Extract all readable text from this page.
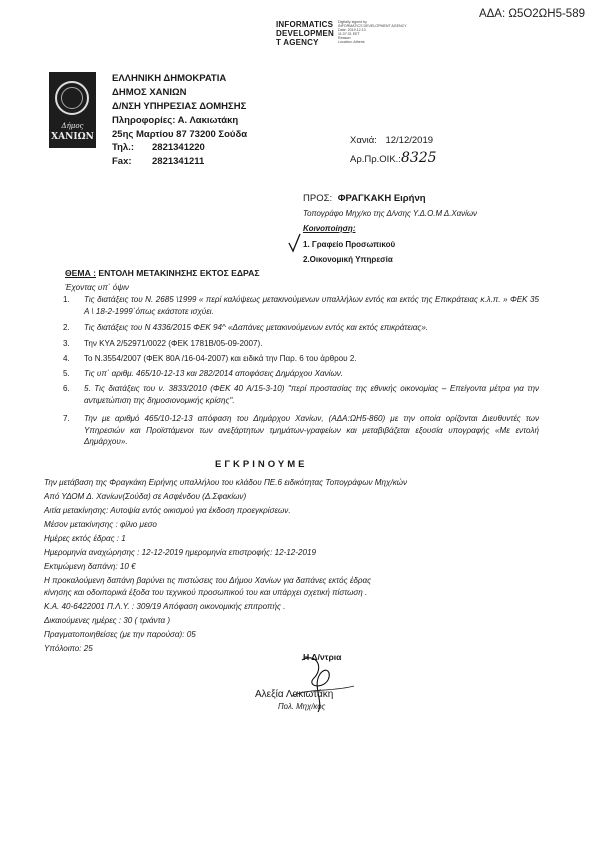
ΑΔΑ: Ω5Ο2ΩΗ5-589
INFORMATICS
DEVELOPMEN
T AGENCY
Digitally signed by
INFORMATICS DEVELOPMENT AGENCY
Date: 2019.12.13
11:07:31 EET
Reason:
Location: Athens
Δήμος
ΧΑΝΙΩΝ
ΕΛΛΗΝΙΚΗ ΔΗΜΟΚΡΑΤΙΑ
ΔΗΜΟΣ ΧΑΝΙΩΝ
Δ/ΝΣΗ ΥΠΗΡΕΣΙΑΣ ΔΟΜΗΣΗΣ
Πληροφορίες: Α. Λακιωτάκη
25ης Μαρτίου 87 73200 Σούδα
Τηλ.: 2821341220
Fax: 2821341211
Χανιά: 12/12/2019
Αρ.Πρ.ΟΙΚ.:8325
ΠΡΟΣ: ΦΡΑΓΚΑΚΗ Ειρήνη
Τοπογράφο Μηχ/κο της Δ/νσης Υ.Δ.Ο.Μ Δ.Χανίων
Κοινοποίηση:
1. Γραφείο Προσωπικού
2.Οικονομική Υπηρεσία
ΘΕΜΑ : ΕΝΤΟΛΗ ΜΕΤΑΚΙΝΗΣΗΣ ΕΚΤΟΣ ΕΔΡΑΣ
Έχοντας υπ΄ όψιν
1. Τις διατάξεις του Ν. 2685 \1999 « περί καλύψεως μετακινούμενων υπαλλήλων εντός και εκτός της Επικράτειας κ.λ.π. » ΦΕΚ 35 Α \ 18-2-1999΄όπως εκάστοτε ισχύει.
2. Τις διατάξεις του Ν 4336/2015 ΦΕΚ 94^ «Δαπάνες μετακινούμενων εντός και εκτός επικράτειας».
3. Την ΚΥΑ 2/52971/0022 (ΦΕΚ 1781Β/05-09-2007).
4. Το Ν.3554/2007 (ΦΕΚ 80Α /16-04-2007) και ειδικά την Παρ. 6 του άρθρου 2.
5. Τις υπ΄ αριθμ. 465/10-12-13 και 282/2014 αποφάσεις Δημάρχου Χανίων.
6. 5. Τις διατάξεις του ν. 3833/2010 (ΦΕΚ 40 Α/15-3-10) "περί προστασίας της εθνικής οικονομίας – Επείγοντα μέτρα για την αντιμετώπιση της δημοσιονομικής κρίσης".
7. Την με αριθμό 465/10-12-13 απόφαση του Δημάρχου Χανίων, (ΑΔΑ:ΩΗ5-860) με την οποία ορίζονται Διευθυντές των Υπηρεσιών και Προϊστάμενοι των ανεξάρτητων τμημάτων-γραφείων και μεταβιβάζεται εξουσία υπογραφής «Με εντολή Δημάρχου».
ΕΓΚΡΙΝΟΥΜΕ
Την μετάβαση της Φραγκάκη Ειρήνης υπαλλήλου του κλάδου ΠΕ.6 ειδικότητας Τοπογράφων Μηχ/κών
Από ΥΔΟΜ Δ. Χανίων(Σούδα) σε Ασφένδου (Δ.Σφακίων)
Αιτία μετακίνησης: Αυτοψία εντός οικισμού για έκδοση προεγκρίσεων.
Μέσον μετακίνησης : φίλιο μεσο
Ημέρες εκτός έδρας : 1
Ημερομηνία αναχώρησης : 12-12-2019 ημερομηνία επιστροφής: 12-12-2019
Εκτιμώμενη δαπάνη: 10 €
Η προκαλούμενη δαπάνη βαρύνει τις πιστώσεις του Δήμου Χανίων για δαπάνες εκτός έδρας
κίνησης και οδοιπορικά έξοδα του τεχνικού προσωπικού του και υπάρχει σχετική πίστωση .
Κ.Α. 40-6422001 Π.Λ.Υ. : 309/19 Απόφαση οικονομικής επιτροπής .
Δικαιούμενες ημέρες : 30 ( τριάντα )
Πραγματοποιηθείσες (με την παρούσα): 05
Υπόλοιπο: 25
Η Δ/ντρια
Αλεξία Λακιωτάκη
Πολ. Μηχ/κος
